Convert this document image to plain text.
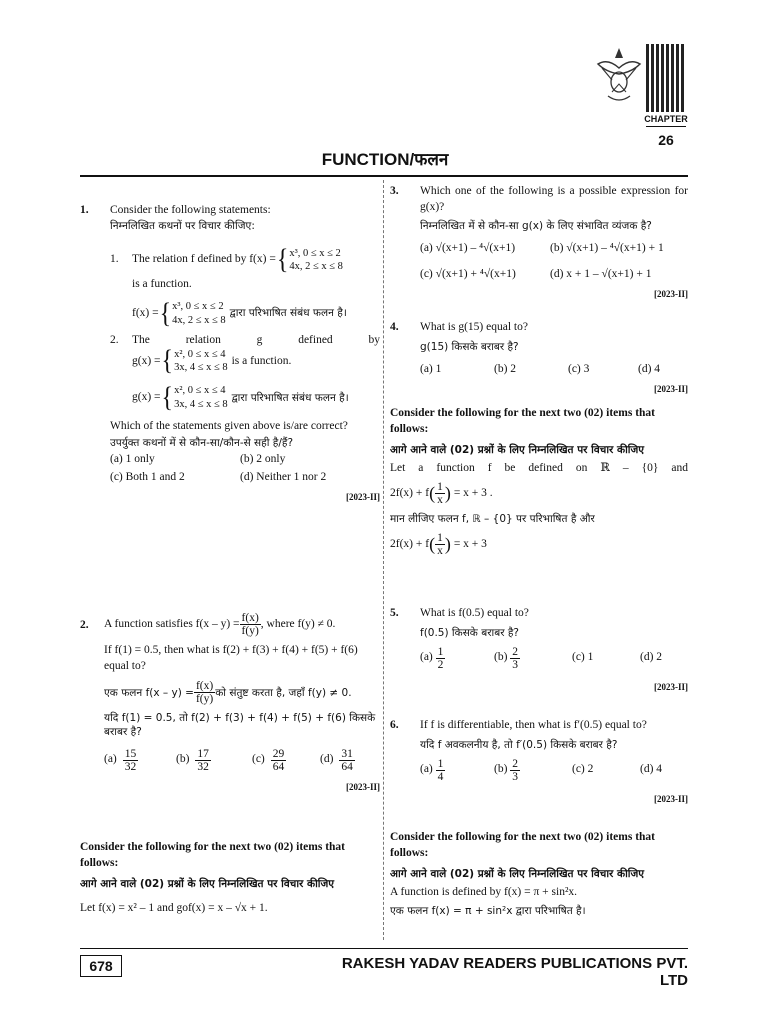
CHAPTER
26
FUNCTION/फलन
1.	Consider the following statements:
निम्नलिखित कथनों पर विचार कीजिए:
1.	The relation f defined by
f(x) = { x³, 0 ≤ x ≤ 2
4x, 2 ≤ x ≤ 8
is a function.
f(x) = { x³, 0 ≤ x ≤ 2
4x, 2 ≤ x ≤ 8
द्वारा परिभाषित संबंध फलन है।
2.	The relation g defined by
g(x) = { x², 0 ≤ x ≤ 4
3x, 4 ≤ x ≤ 8
is a function.
g(x) = { x², 0 ≤ x ≤ 4
3x, 4 ≤ x ≤ 8
द्वारा परिभाषित संबंध फलन है।
Which of the statements given above is/are correct?
उपर्युक्त कथनों में से कौन-सा/कौन-से सही है/हैं?
(a) 1 only	(b) 2 only
(c) Both 1 and 2	(d) Neither 1 nor 2
[2023-II]
2.	A function satisfies $f(x - y) = \frac{f(x)}{f(y)}$ , where f(y) ≠ 0.
If f(1) = 0.5, then what is f(2) + f(3) + f(4) + f(5) + f(6) equal to?
एक फलन $f(x - y) = \frac{f(x)}{f(y)}$ को संतुष्ट करता है, जहाँ f(y) ≠ 0.
यदि f(1) = 0.5, तो f(2) + f(3) + f(4) + f(5) + f(6) किसके बराबर है?
$(a) \frac{15}{32}$	$(b) \frac{17}{32}$	$(c) \frac{29}{64}$	$(d) \frac{31}{64}$
[2023-II]
Consider the following for the next two (02) items that follows:
आगे आने वाले (02) प्रश्नों के लिए निम्नलिखित पर विचार कीजिए
Let f(x) = x² – 1 and gof(x) = x – √x + 1.
3.	Which one of the following is a possible expression for g(x)?
निम्नलिखित में से कौन-सा g(x) के लिए संभावित व्यंजक है?
(a) √(x+1) – ⁴√(x+1)	(b) √(x+1) – ⁴√(x+1) + 1
(c) √(x+1) + ⁴√(x+1)	(d) x + 1 – √(x+1) + 1
[2023-II]
4.	What is g(15) equal to?
g(15) किसके बराबर है?
(a) 1	(b) 2	(c) 3	(d) 4
[2023-II]
Consider the following for the next two (02) items that follows:
आगे आने वाले (02) प्रश्नों के लिए निम्नलिखित पर विचार कीजिए
Let a function f be defined on ℝ – {0} and
2f(x) + f ( $\frac{1}{x}$ ) = x + 3 .
मान लीजिए फलन f, ℝ – {0} पर परिभाषित है और
2f(x) + f ( $\frac{1}{x}$ ) = x + 3
5.	What is f(0.5) equal to?
f(0.5) किसके बराबर है?
(a)
$\frac{1}{2}$	(b)
$\frac{2}{3}$	(c) 1	(d) 2
[2023-II]
6.	If f is differentiable, then what is f′(0.5) equal to?
यदि f अवकलनीय है, तो f′(0.5) किसके बराबर है?
(a)
$\frac{1}{4}$	(b)
$\frac{2}{3}$	(c) 2	(d) 4
[2023-II]
Consider the following for the next two (02) items that follows:
आगे आने वाले (02) प्रश्नों के लिए निम्नलिखित पर विचार कीजिए
A function is defined by f(x) = π + sin²x.
एक फलन f(x) = π + sin²x द्वारा परिभाषित है।
678	RAKESH YADAV READERS PUBLICATIONS PVT. LTD
